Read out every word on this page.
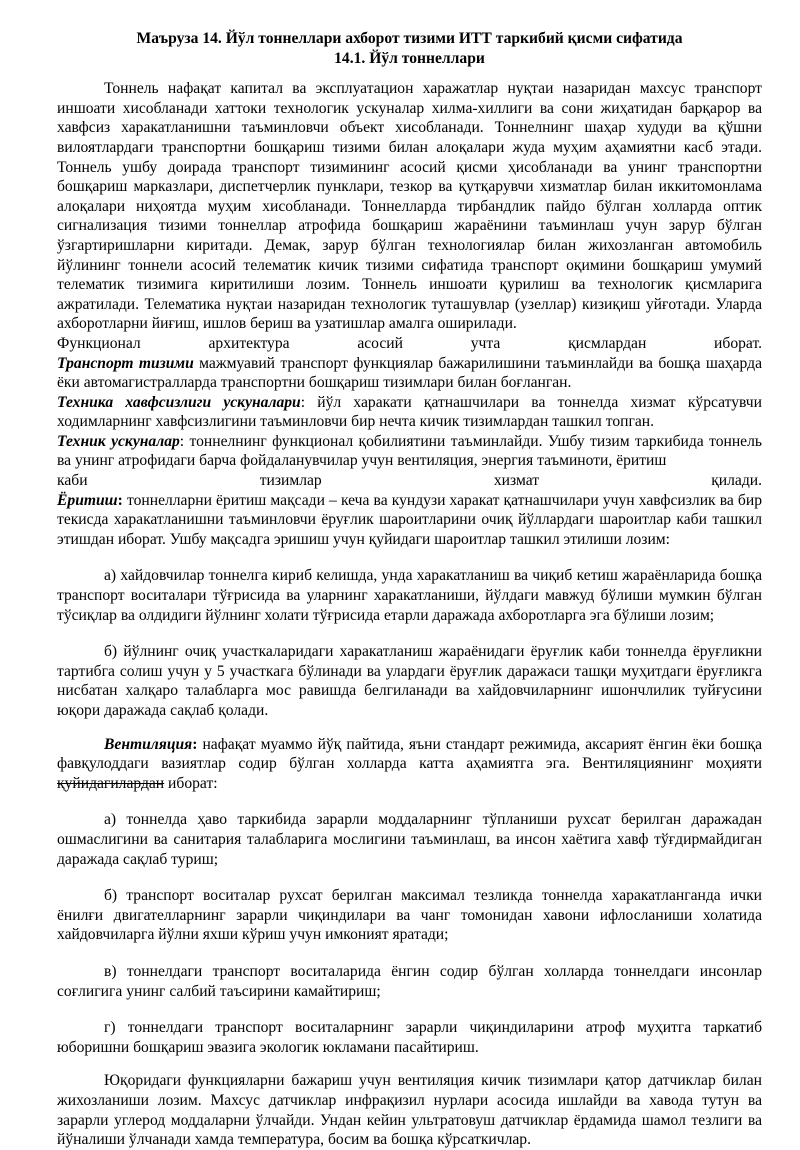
Маъруза 14. Йўл тоннеллари ахборот тизими ИТТ таркибий қисми сифатида

14.1. Йўл тоннеллари

Тоннель нафақат капитал ва эксплуатацион харажатлар нуқтаи назаридан махсус транспорт иншоати хисобланади хаттоки технологик ускуналар хилма-хиллиги ва сони жиҳатидан барқарор ва хавфсиз харакатланишни таъминловчи объект хисобланади. Тоннелнинг шаҳар худуди ва қўшни вилоятлардаги транспортни бошқариш тизими билан алоқалари жуда муҳим аҳамиятни касб этади. Тоннель ушбу доирада транспорт тизимининг асосий қисми ҳисобланади ва унинг транспортни бошқариш марказлари, диспетчерлик пунклари, тезкор ва қутқарувчи хизматлар билан иккитомонлама алоқалари ниҳоятда муҳим хисобланади. Тоннелларда тирбандлик пайдо бўлган холларда оптик сигнализация тизими тоннеллар атрофида бошқариш жараёнини таъминлаш учун зарур бўлган ўзгартиришларни киритади. Демак, зарур бўлган технологиялар билан жихозланган автомобиль йўлининг тоннели асосий телематик кичик тизими сифатида транспорт оқимини бошқариш умумий телематик тизимига киритилиши лозим. Тоннель иншоати қурилиш ва технологик қисмларига ажратилади. Телематика нуқтаи назаридан технологик туташувлар (узеллар) кизиқиш уйғотади. Уларда ахборотларни йиғиш, ишлов бериш ва узатишлар амалга оширилади.

Функционал архитектура асосий учта қисмлардан иборат.

Транспорт тизими мажмуавий транспорт функциялар бажарилишини таъминлайди ва бошқа шаҳарда ёки автомагистралларда транспортни бошқариш тизимлари билан боғланган.

Техника хавфсизлиги ускуналари: йўл харакати қатнашчилари ва тоннелда хизмат кўрсатувчи ходимларнинг хавфсизлигини таъминловчи бир нечта кичик тизимлардан ташкил топган.

Техник ускуналар: тоннелнинг функционал қобилиятини таъминлайди. Ушбу тизим таркибида тоннель ва унинг атрофидаги барча фойдаланувчилар учун вентиляция, энергия таъминоти, ёритиш

каби тизимлар хизмат қилади.

Ёритиш: тоннелларни ёритиш мақсади – кеча ва кундузи харакат қатнашчилари учун хавфсизлик ва бир текисда харакатланишни таъминловчи ёруғлик шароитларини очиқ йўллардаги шароитлар каби ташкил этишдан иборат. Ушбу мақсадга эришиш учун қуйидаги шароитлар ташкил этилиши лозим:

а) хайдовчилар тоннелга кириб келишда, унда харакатланиш ва чиқиб кетиш жараёнларида бошқа транспорт воситалари тўғрисида ва уларнинг харакатланиши, йўлдаги мавжуд бўлиши мумкин бўлган тўсиқлар ва олдидиги йўлнинг холати тўғрисида етарли даражада ахборотларга эга бўлиши лозим;

б) йўлнинг очиқ участкаларидаги харакатланиш жараёнидаги ёруғлик каби тоннелда ёруғликни тартибга солиш учун у 5 участкага бўлинади ва улардаги ёруғлик даражаси ташқи муҳитдаги ёруғликга нисбатан халқаро талабларга мос равишда белгиланади ва хайдовчиларнинг ишончлилик туйғусини юқори даражада сақлаб қолади.

Вентиляция: нафақат муаммо йўқ пайтида, яъни стандарт режимида, аксарият ёнгин ёки бошқа фавқулоддаги вазиятлар содир бўлган холларда катта аҳамиятга эга. Вентиляциянинг моҳияти қуйидагилардан иборат:

а) тоннелда ҳаво таркибида зарарли моддаларнинг тўпланиши рухсат берилган даражадан ошмаслигини ва санитария талабларига мослигини таъминлаш, ва инсон хаётига хавф тўғдирмайдиган даражада сақлаб туриш;

б) транспорт воситалар рухсат берилган максимал тезликда тоннелда харакатланганда ички ёнилғи двигателларнинг зарарли чиқиндилари ва чанг томонидан хавони ифлосланиши холатида хайдовчиларга йўлни яхши кўриш учун имконият яратади;

в) тоннелдаги транспорт воситаларида ёнгин содир бўлган холларда тоннелдаги инсонлар соғлигига унинг салбий таъсирини камайтириш;

г) тоннелдаги транспорт воситаларнинг зарарли чиқиндиларини атроф муҳитга таркатиб юборишни бошқариш эвазига экологик юкламани пасайтириш.

Юқоридаги функцияларни бажариш учун вентиляция кичик тизимлари қатор датчиклар билан жихозланиши лозим. Махсус датчиклар инфрақизил нурлари асосида ишлайди ва хавода тутун ва зарарли углерод моддаларни ўлчайди. Ундан кейин ультратовуш датчиклар ёрдамида шамол тезлиги ва йўналиши ўлчанади хамда температура, босим ва бошқа кўрсаткичлар.
